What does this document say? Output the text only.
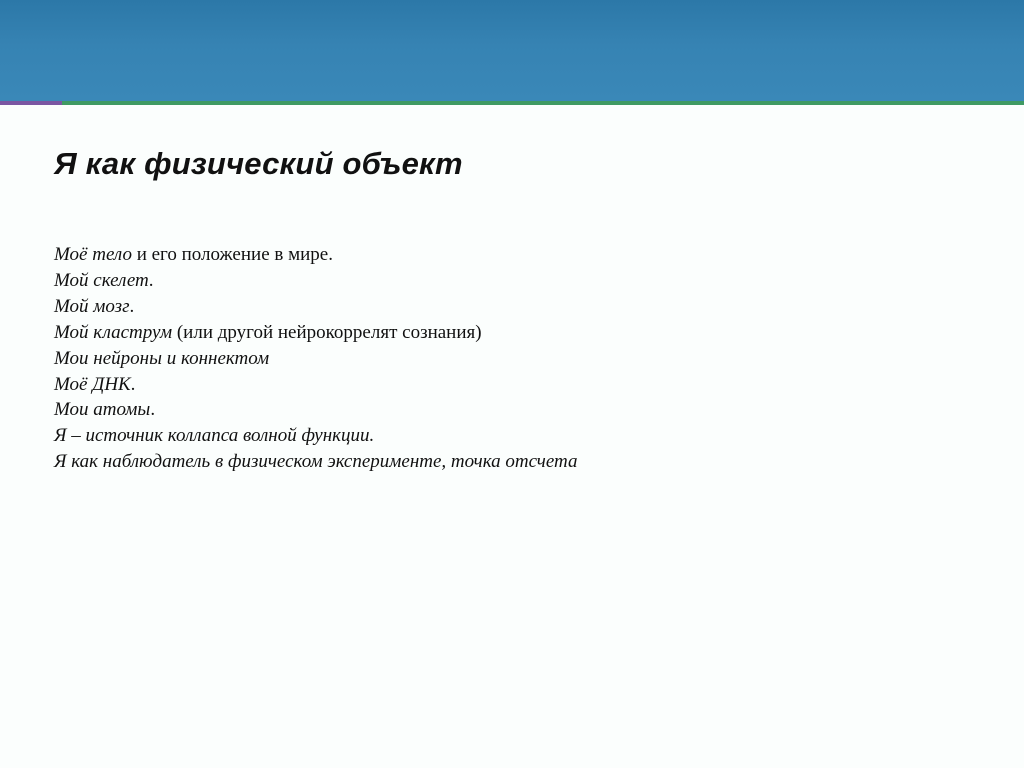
Я как физический объект
Моё тело и его положение в мире.
Мой скелет.
Мой мозг.
Мой кластрум (или другой нейрокоррелят сознания)
Мои нейроны и коннектом
Моё ДНК.
Мои атомы.
Я – источник коллапса волной функции.
Я как наблюдатель в физическом эксперименте, точка отсчета
